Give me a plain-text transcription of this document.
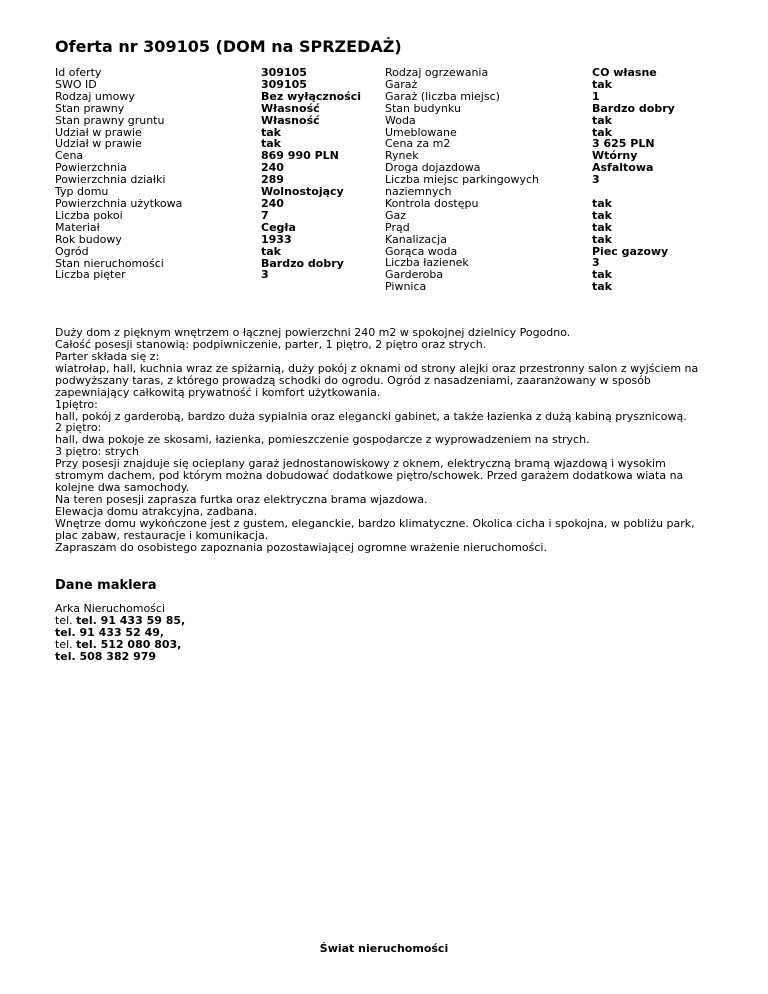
Oferta nr 309105 (DOM na SPRZEDAŻ)
Id oferty
SWO ID
Rodzaj umowy
Stan prawny
Stan prawny gruntu
Udział w prawie
Udział w prawie
Cena
Powierzchnia
Powierzchnia działki
Typ domu
Powierzchnia użytkowa
Liczba pokoi
Materiał
Rok budowy
Ogród
Stan nieruchomości
Liczba pięter
309105
309105
Bez wyłączności
Własność
Własność
tak
tak
869 990 PLN
240
289
Wolnostojący
240
7
Cegła
1933
tak
Bardzo dobry
3
Rodzaj ogrzewania
Garaż
Garaż (liczba miejsc)
Stan budynku
Woda
Umeblowane
Cena za m2
Rynek
Droga dojazdowa
Liczba miejsc parkingowych naziemnych
Kontrola dostępu
Gaz
Prąd
Kanalizacja
Gorąca woda
Liczba łazienek
Garderoba
Piwnica
CO własne
tak
1
Bardzo dobry
tak
tak
3 625 PLN
Wtórny
Asfaltowa
3
tak
tak
tak
tak
Piec gazowy
3
tak
tak

Duży dom z pięknym wnętrzem o łącznej powierzchni 240 m2 w spokojnej dzielnicy Pogodno.

Całość posesji stanowią: podpiwniczenie, parter, 1 piętro, 2 piętro oraz strych.

Parter składa się z:

wiatrołap, hall, kuchnia wraz ze spiżarnią, duży pokój z oknami od strony alejki oraz przestronny salon z wyjściem na podwyższany taras, z którego prowadzą schodki do ogrodu. Ogród z nasadzeniami, zaaranżowany w sposób zapewniający całkowitą prywatność i komfort użytkowania.

1piętro:

hall, pokój z garderobą, bardzo duża sypialnia oraz elegancki gabinet, a także łazienka z dużą kabiną prysznicową.

2 piętro:

hall, dwa pokoje ze skosami, łazienka, pomieszczenie gospodarcze z wyprowadzeniem na strych.

3 piętro: strych

Przy posesji znajduje się ocieplany garaż jednostanowiskowy z oknem, elektryczną bramą wjazdową i wysokim stromym dachem, pod którym można dobudować dodatkowe piętro/schowek. Przed garażem dodatkowa wiata na kolejne dwa samochody.

Na teren posesji zaprasza furtka oraz elektryczna brama wjazdowa.

Elewacja domu atrakcyjna, zadbana.

Wnętrze domu wykończone jest z gustem, eleganckie, bardzo klimatyczne. Okolica cicha i spokojna, w pobliżu park, plac zabaw, restauracje i komunikacja.

Zapraszam do osobistego zapoznania pozostawiającej ogromne wrażenie nieruchomości.

Dane maklera

Arka Nieruchomości

tel. tel. 91 433 59 85,

tel. 91 433 52 49,

tel. tel. 512 080 803,

tel. 508 382 979

Świat nieruchomości
